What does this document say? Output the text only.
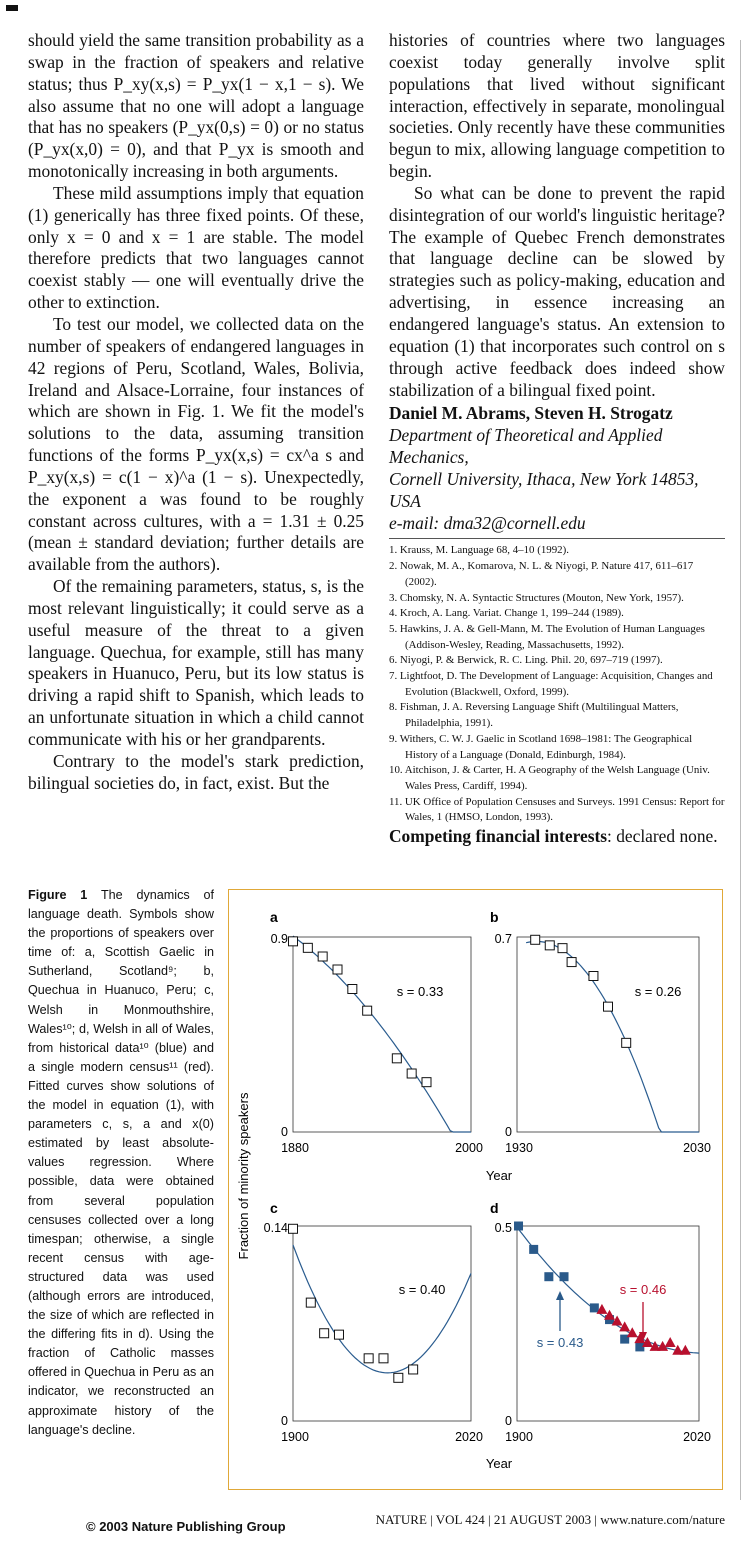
should yield the same transition probability as a swap in the fraction of speakers and relative status; thus P_xy(x,s) = P_yx(1 − x,1 − s). We also assume that no one will adopt a language that has no speakers (P_yx(0,s) = 0) or no status (P_yx(x,0) = 0), and that P_yx is smooth and monotonically increasing in both arguments.

These mild assumptions imply that equation (1) generically has three fixed points. Of these, only x = 0 and x = 1 are stable. The model therefore predicts that two languages cannot coexist stably — one will eventually drive the other to extinction.

To test our model, we collected data on the number of speakers of endangered languages in 42 regions of Peru, Scotland, Wales, Bolivia, Ireland and Alsace-Lorraine, four instances of which are shown in Fig. 1. We fit the model's solutions to the data, assuming transition functions of the forms P_yx(x,s) = cx^a s and P_xy(x,s) = c(1 − x)^a (1 − s). Unexpectedly, the exponent a was found to be roughly constant across cultures, with a = 1.31 ± 0.25 (mean ± standard deviation; further details are available from the authors).

Of the remaining parameters, status, s, is the most relevant linguistically; it could serve as a useful measure of the threat to a given language. Quechua, for example, still has many speakers in Huanuco, Peru, but its low status is driving a rapid shift to Spanish, which leads to an unfortunate situation in which a child cannot communicate with his or her grandparents.

Contrary to the model's stark prediction, bilingual societies do, in fact, exist. But the

histories of countries where two languages coexist today generally involve split populations that lived without significant interaction, effectively in separate, monolingual societies. Only recently have these communities begun to mix, allowing language competition to begin.

So what can be done to prevent the rapid disintegration of our world's linguistic heritage? The example of Quebec French demonstrates that language decline can be slowed by strategies such as policy-making, education and advertising, in essence increasing an endangered language's status. An extension to equation (1) that incorporates such control on s through active feedback does indeed show stabilization of a bilingual fixed point.

Daniel M. Abrams, Steven H. Strogatz

Department of Theoretical and Applied Mechanics,

Cornell University, Ithaca, New York 14853, USA

e-mail: dma32@cornell.edu

1. Krauss, M. Language 68, 4–10 (1992).
2. Nowak, M. A., Komarova, N. L. & Niyogi, P. Nature 417, 611–617 (2002).
3. Chomsky, N. A. Syntactic Structures (Mouton, New York, 1957).
4. Kroch, A. Lang. Variat. Change 1, 199–244 (1989).
5. Hawkins, J. A. & Gell-Mann, M. The Evolution of Human Languages (Addison-Wesley, Reading, Massachusetts, 1992).
6. Niyogi, P. & Berwick, R. C. Ling. Phil. 20, 697–719 (1997).
7. Lightfoot, D. The Development of Language: Acquisition, Changes and Evolution (Blackwell, Oxford, 1999).
8. Fishman, J. A. Reversing Language Shift (Multilingual Matters, Philadelphia, 1991).
9. Withers, C. W. J. Gaelic in Scotland 1698–1981: The Geographical History of a Language (Donald, Edinburgh, 1984).
10. Aitchison, J. & Carter, H. A Geography of the Welsh Language (Univ. Wales Press, Cardiff, 1994).
11. UK Office of Population Censuses and Surveys. 1991 Census: Report for Wales, 1 (HMSO, London, 1993).

Competing financial interests: declared none.

Figure 1 The dynamics of language death. Symbols show the proportions of speakers over time of: a, Scottish Gaelic in Sutherland, Scotland⁹; b, Quechua in Huanuco, Peru; c, Welsh in Monmouthshire, Wales¹⁰; d, Welsh in all of Wales, from historical data¹⁰ (blue) and a single modern census¹¹ (red). Fitted curves show solutions of the model in equation (1), with parameters c, s, a and x(0) estimated by least absolute-values regression. Where possible, data were obtained from several population censuses collected over a long timespan; otherwise, a single recent census with age-structured data was used (although errors are introduced, the size of which are reflected in the differing fits in d). Using the fraction of Catholic masses offered in Quechua in Peru as an indicator, we reconstructed an approximate history of the language's decline.
Fraction of minority speakers	Year
Year
a
0.9
0
1880	2000
s = 0.33
b
0.7
0
1930	2030
s = 0.26
c
0.14
0
1900	2020
s = 0.40
d
0.5
0
1900	2020
s = 0.43
s = 0.46
© 2003 Nature Publishing Group	NATURE | VOL 424 | 21 AUGUST 2003 | www.nature.com/nature
